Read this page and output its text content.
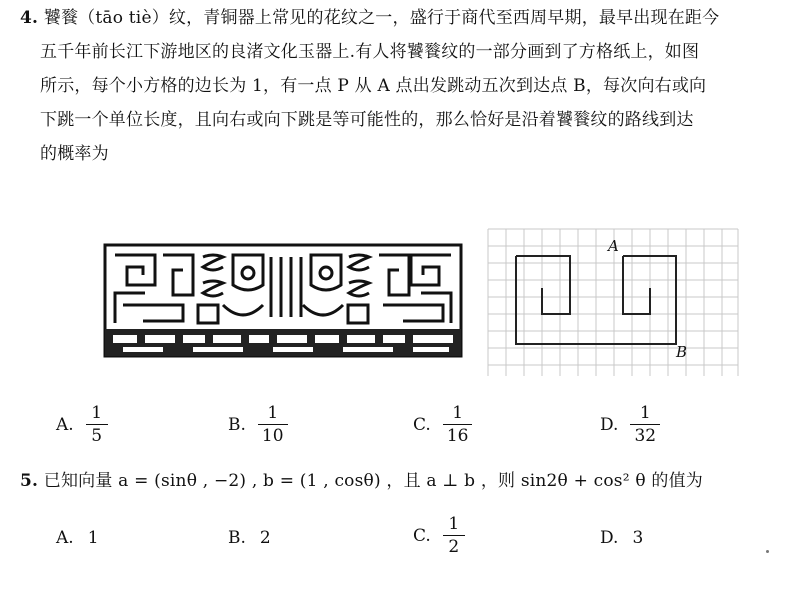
4. 饕餮（tāo tiè）纹，青铜器上常见的花纹之一，盛行于商代至西周早期，最早出现在距今
五千年前长江下游地区的良渚文化玉器上.有人将饕餮纹的一部分画到了方格纸上，如图
所示，每个小方格的边长为 1，有一点 P 从 A 点出发跳动五次到达点 B，每次向右或向
下跳一个单位长度，且向右或向下跳是等可能性的，那么恰好是沿着饕餮纹的路线到达
的概率为
A
B
A. $\frac{1}{5}$	B. $\frac{1}{10}$	C. $\frac{1}{16}$	D. $\frac{1}{32}$
5. 已知向量 a = (sinθ , −2) , b = (1 , cosθ) ，且 a ⊥ b ，则 sin2θ + cos² θ 的值为
A. 1	B. 2	C. $\frac{1}{2}$	D. 3
